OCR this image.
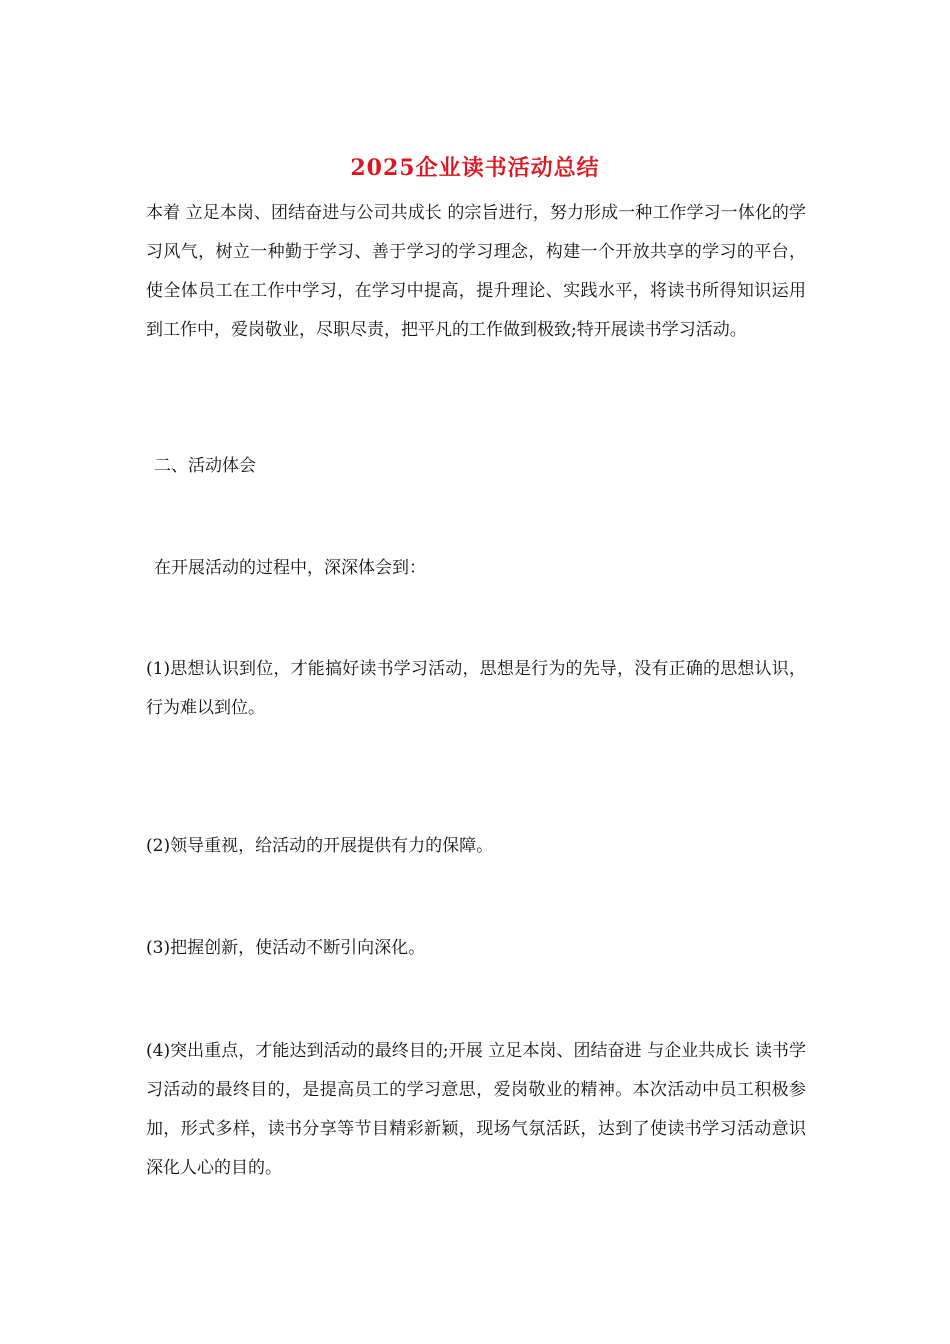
2025企业读书活动总结

本着 立足本岗、团结奋进与公司共成长 的宗旨进行，努力形成一种工作学习一体化的学习风气，树立一种勤于学习、善于学习的学习理念，构建一个开放共享的学习的平台，使全体员工在工作中学习，在学习中提高，提升理论、实践水平，将读书所得知识运用到工作中，爱岗敬业，尽职尽责，把平凡的工作做到极致;特开展读书学习活动。

二、活动体会

在开展活动的过程中，深深体会到：

(1)思想认识到位，才能搞好读书学习活动，思想是行为的先导，没有正确的思想认识，行为难以到位。

(2)领导重视，给活动的开展提供有力的保障。

(3)把握创新，使活动不断引向深化。

(4)突出重点，才能达到活动的最终目的;开展 立足本岗、团结奋进 与企业共成长 读书学习活动的最终目的，是提高员工的学习意思，爱岗敬业的精神。本次活动中员工积极参加，形式多样，读书分享等节目精彩新颖，现场气氛活跃，达到了使读书学习活动意识深化人心的目的。
